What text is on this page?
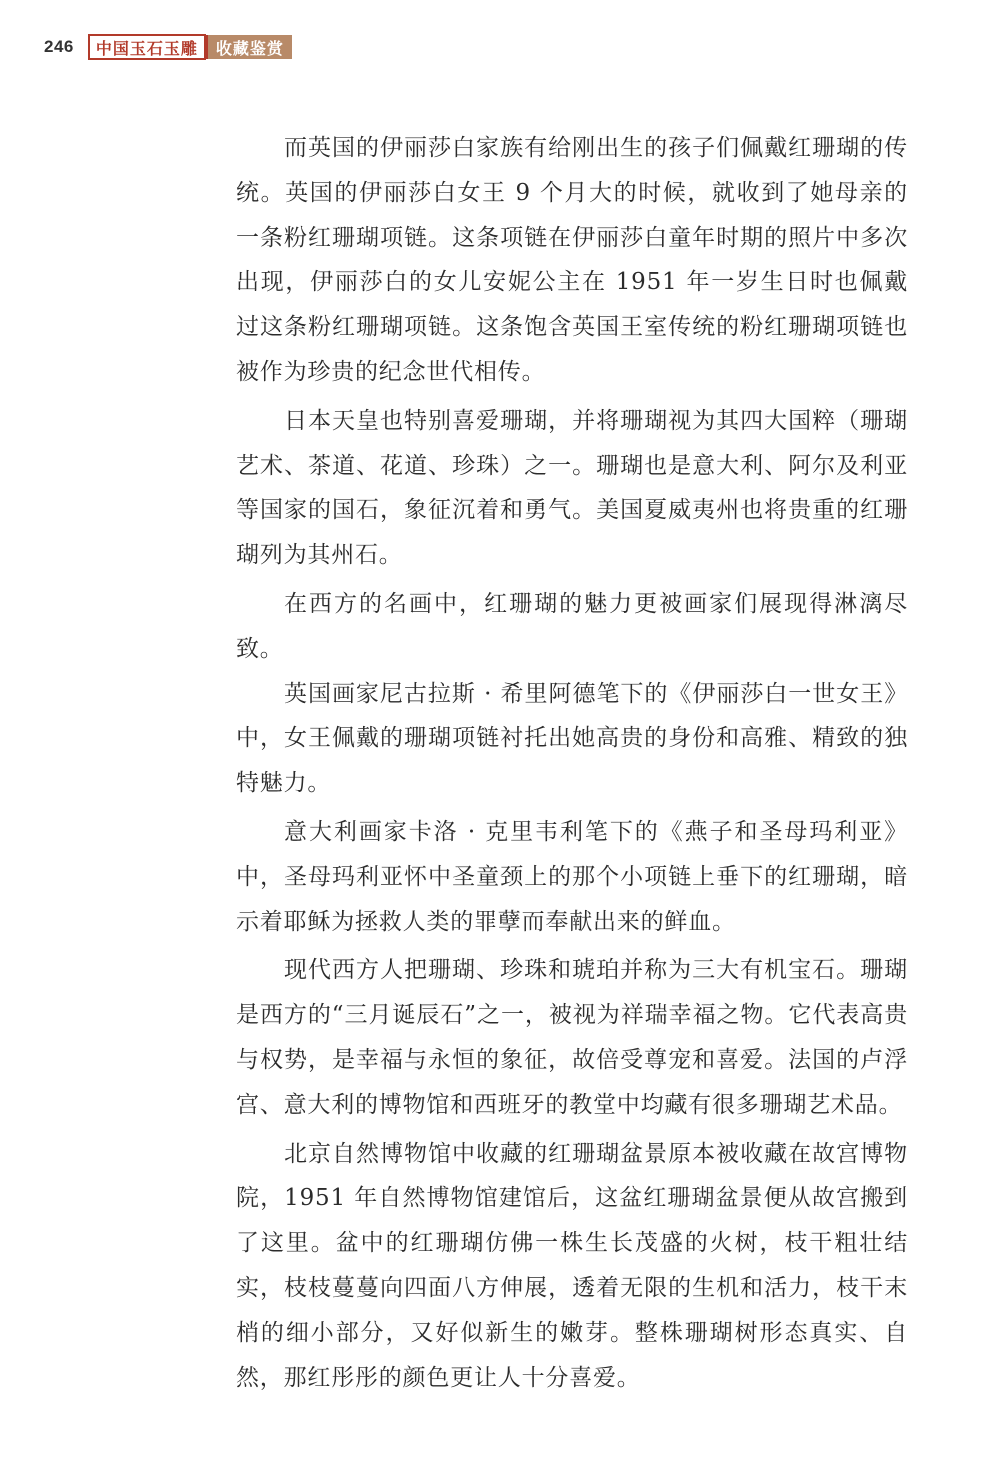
246	中国玉石玉雕	收藏鉴赏

而英国的伊丽莎白家族有给刚出生的孩子们佩戴红珊瑚的传统。英国的伊丽莎白女王 9 个月大的时候，就收到了她母亲的一条粉红珊瑚项链。这条项链在伊丽莎白童年时期的照片中多次出现，伊丽莎白的女儿安妮公主在 1951 年一岁生日时也佩戴过这条粉红珊瑚项链。这条饱含英国王室传统的粉红珊瑚项链也被作为珍贵的纪念世代相传。

日本天皇也特别喜爱珊瑚，并将珊瑚视为其四大国粹（珊瑚艺术、茶道、花道、珍珠）之一。珊瑚也是意大利、阿尔及利亚等国家的国石，象征沉着和勇气。美国夏威夷州也将贵重的红珊瑚列为其州石。

在西方的名画中，红珊瑚的魅力更被画家们展现得淋漓尽致。

英国画家尼古拉斯 · 希里阿德笔下的《伊丽莎白一世女王》中，女王佩戴的珊瑚项链衬托出她高贵的身份和高雅、精致的独特魅力。

意大利画家卡洛 · 克里韦利笔下的《燕子和圣母玛利亚》中，圣母玛利亚怀中圣童颈上的那个小项链上垂下的红珊瑚，暗示着耶稣为拯救人类的罪孽而奉献出来的鲜血。

现代西方人把珊瑚、珍珠和琥珀并称为三大有机宝石。珊瑚是西方的“三月诞辰石”之一，被视为祥瑞幸福之物。它代表高贵与权势，是幸福与永恒的象征，故倍受尊宠和喜爱。法国的卢浮宫、意大利的博物馆和西班牙的教堂中均藏有很多珊瑚艺术品。

北京自然博物馆中收藏的红珊瑚盆景原本被收藏在故宫博物院，1951 年自然博物馆建馆后，这盆红珊瑚盆景便从故宫搬到了这里。盆中的红珊瑚仿佛一株生长茂盛的火树，枝干粗壮结实，枝枝蔓蔓向四面八方伸展，透着无限的生机和活力，枝干末梢的细小部分，又好似新生的嫩芽。整株珊瑚树形态真实、自然，那红彤彤的颜色更让人十分喜爱。
